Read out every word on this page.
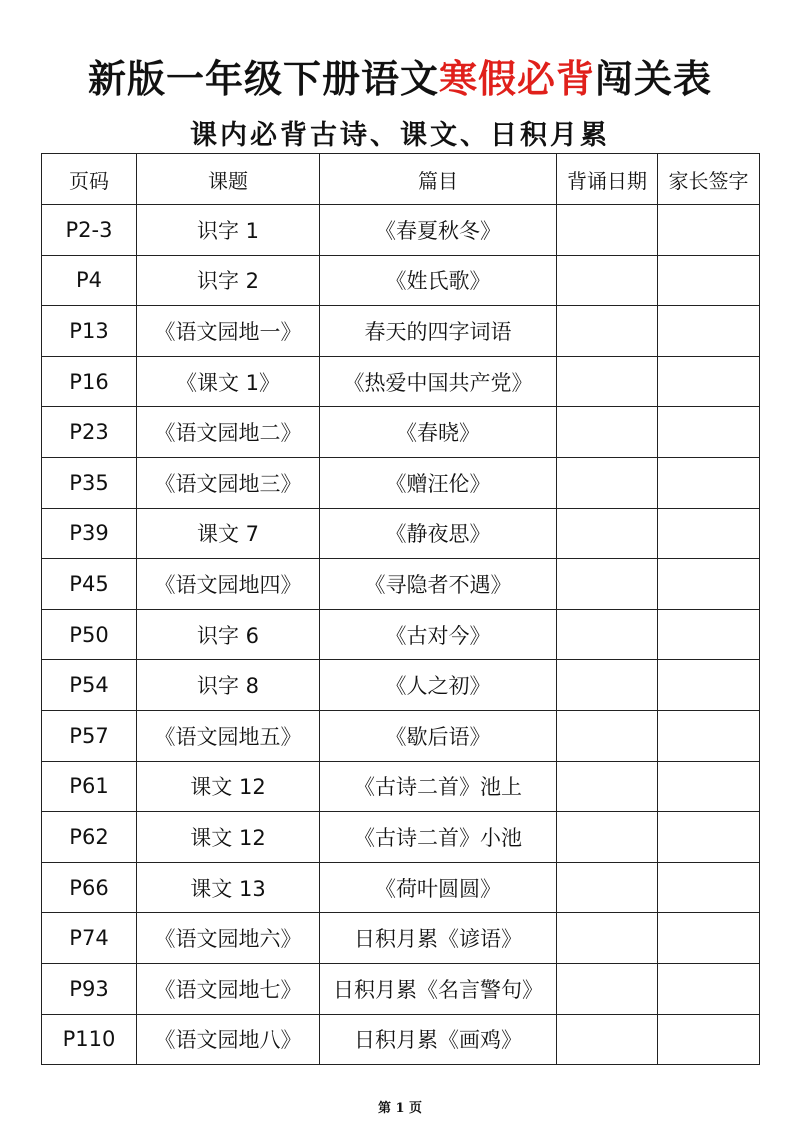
新版一年级下册语文寒假必背闯关表
课内必背古诗、课文、日积月累
页码	课题	篇目	背诵日期	家长签字
P2-3	识字 1	《春夏秋冬》		
P4	识字 2	《姓氏歌》		
P13	《语文园地一》	春天的四字词语		
P16	《课文 1》	《热爱中国共产党》		
P23	《语文园地二》	《春晓》		
P35	《语文园地三》	《赠汪伦》		
P39	课文 7	《静夜思》		
P45	《语文园地四》	《寻隐者不遇》		
P50	识字 6	《古对今》		
P54	识字 8	《人之初》		
P57	《语文园地五》	《歇后语》		
P61	课文 12	《古诗二首》池上		
P62	课文 12	《古诗二首》小池		
P66	课文 13	《荷叶圆圆》		
P74	《语文园地六》	日积月累《谚语》		
P93	《语文园地七》	日积月累《名言警句》		
P110	《语文园地八》	日积月累《画鸡》		
第 1 页
